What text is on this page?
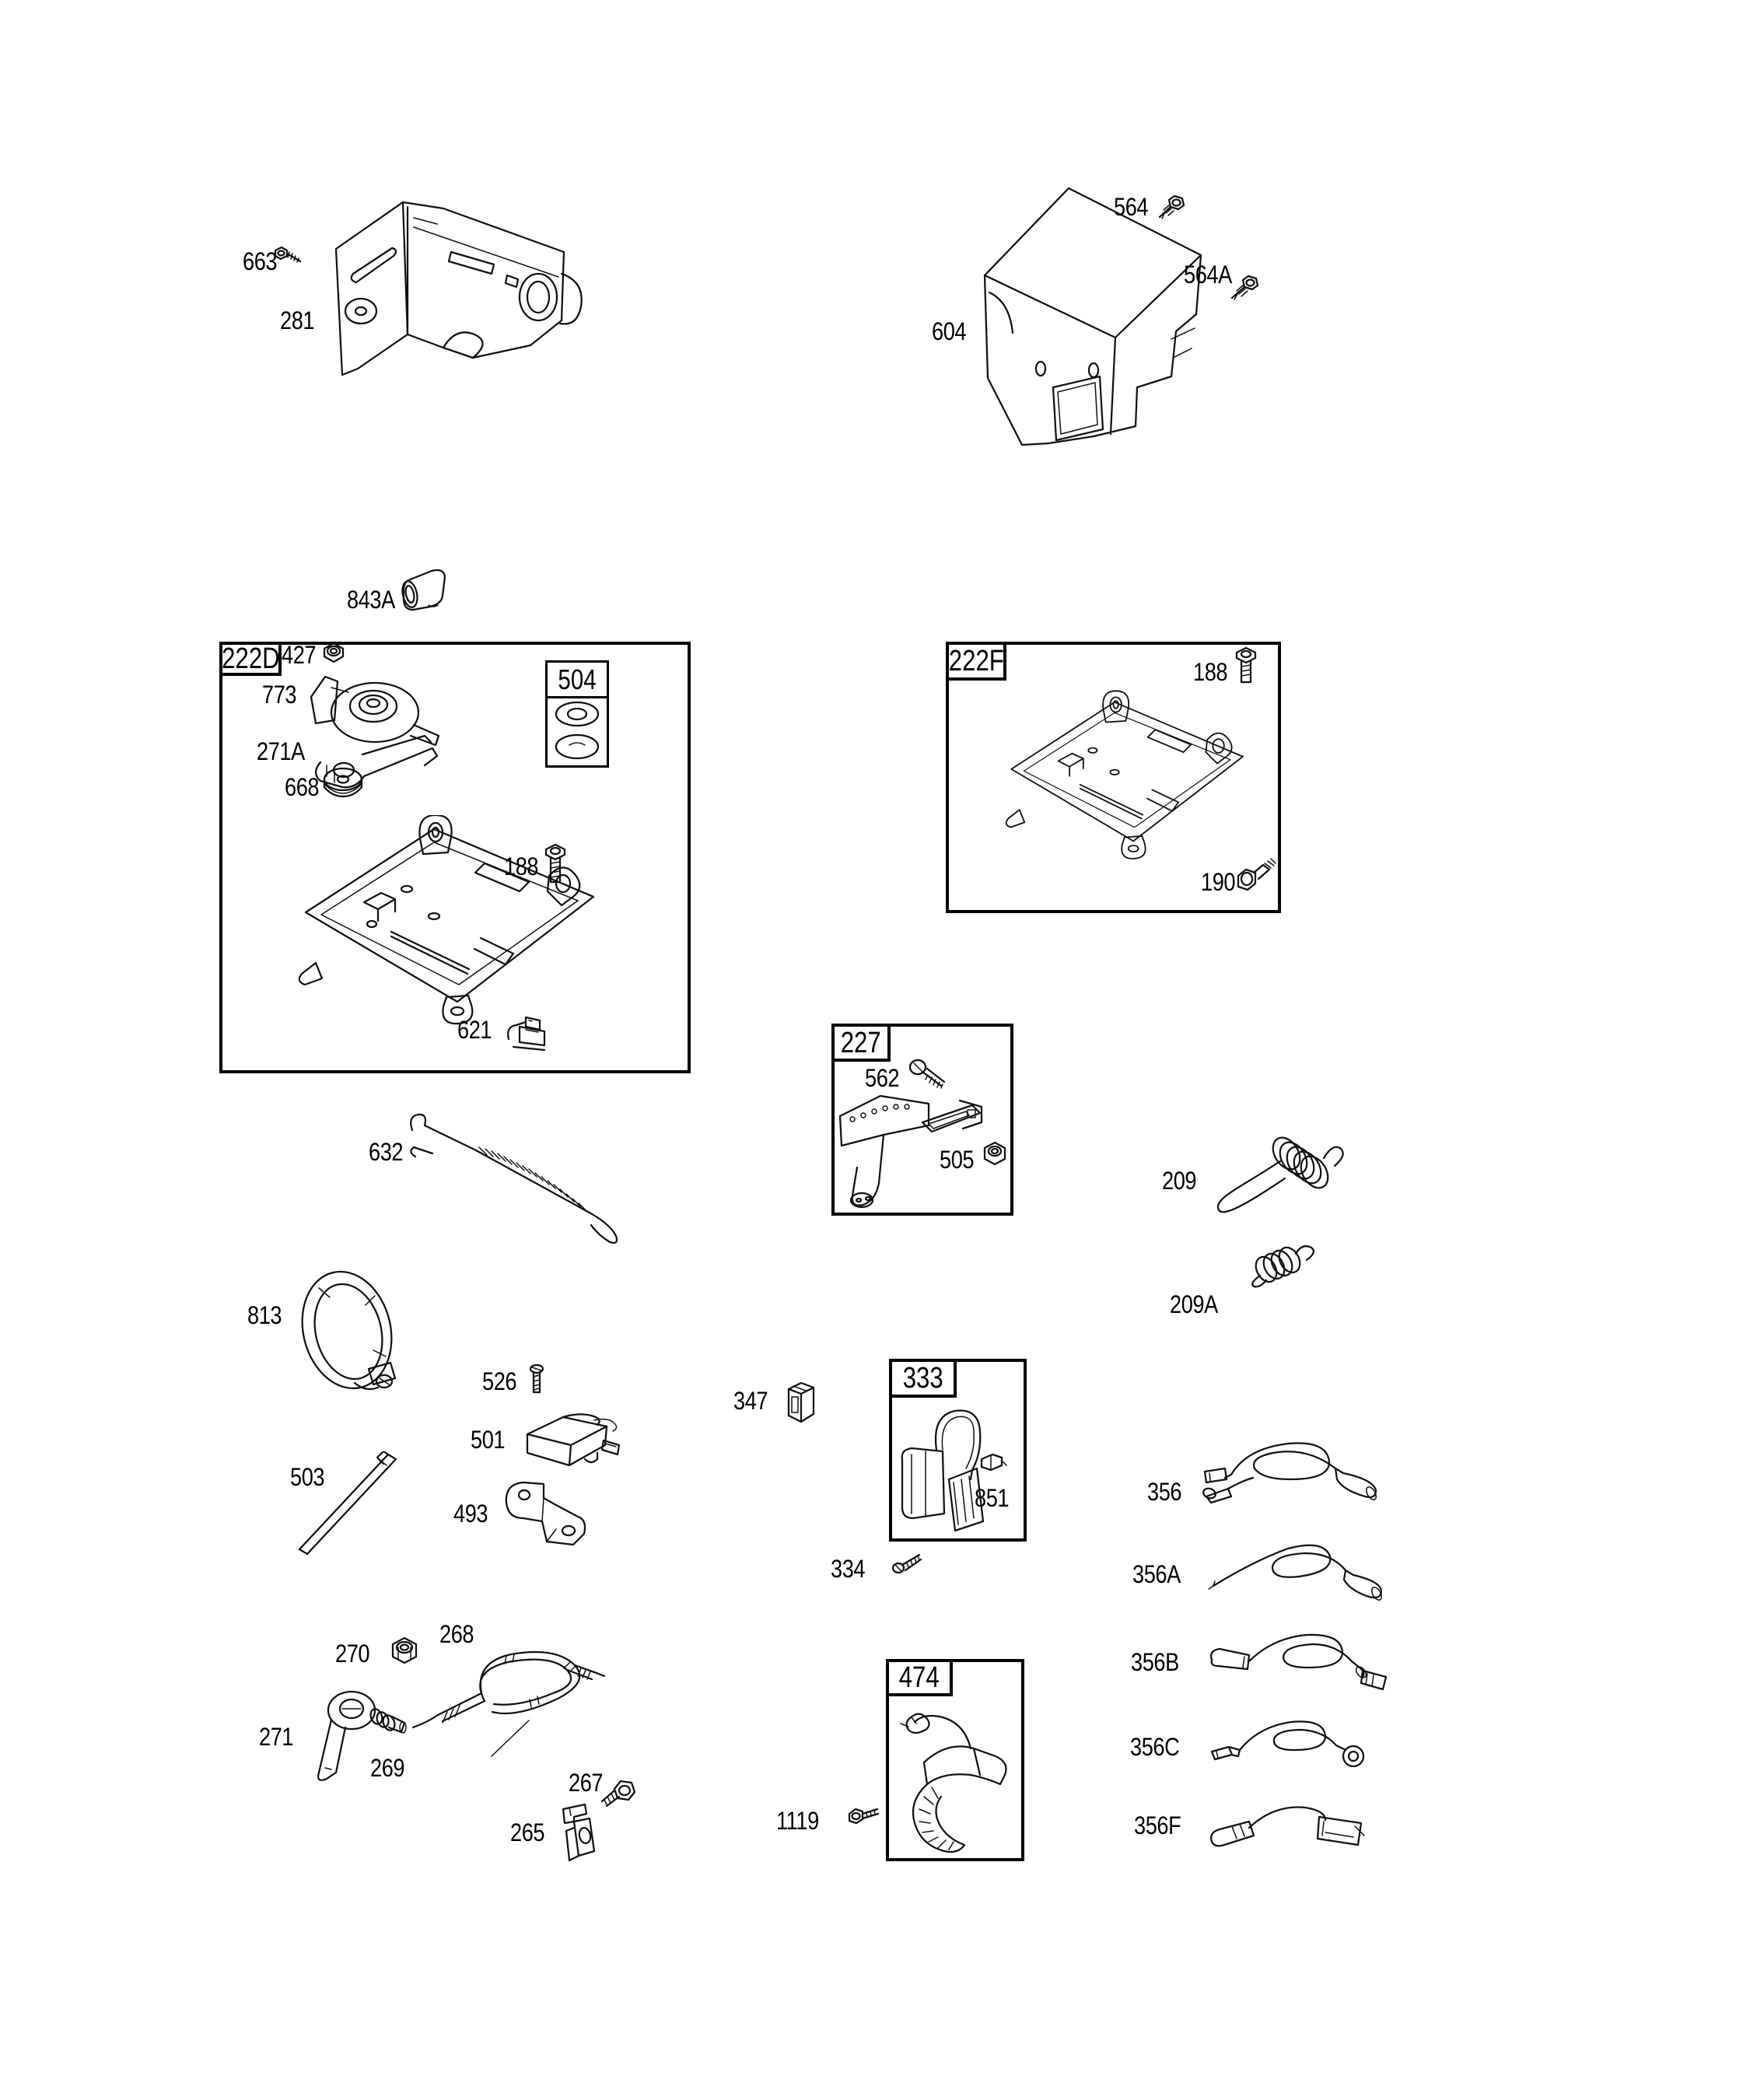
222D
504
222F
227
333
474
663
281
564
564A
604
843A
427
773
271A
668
188
621
188
190
562
505
632
209
209A
813
526
347
501
503
493
334
851	356
356A
356B
356C
356F
268
270
271
269
267
265	1119
